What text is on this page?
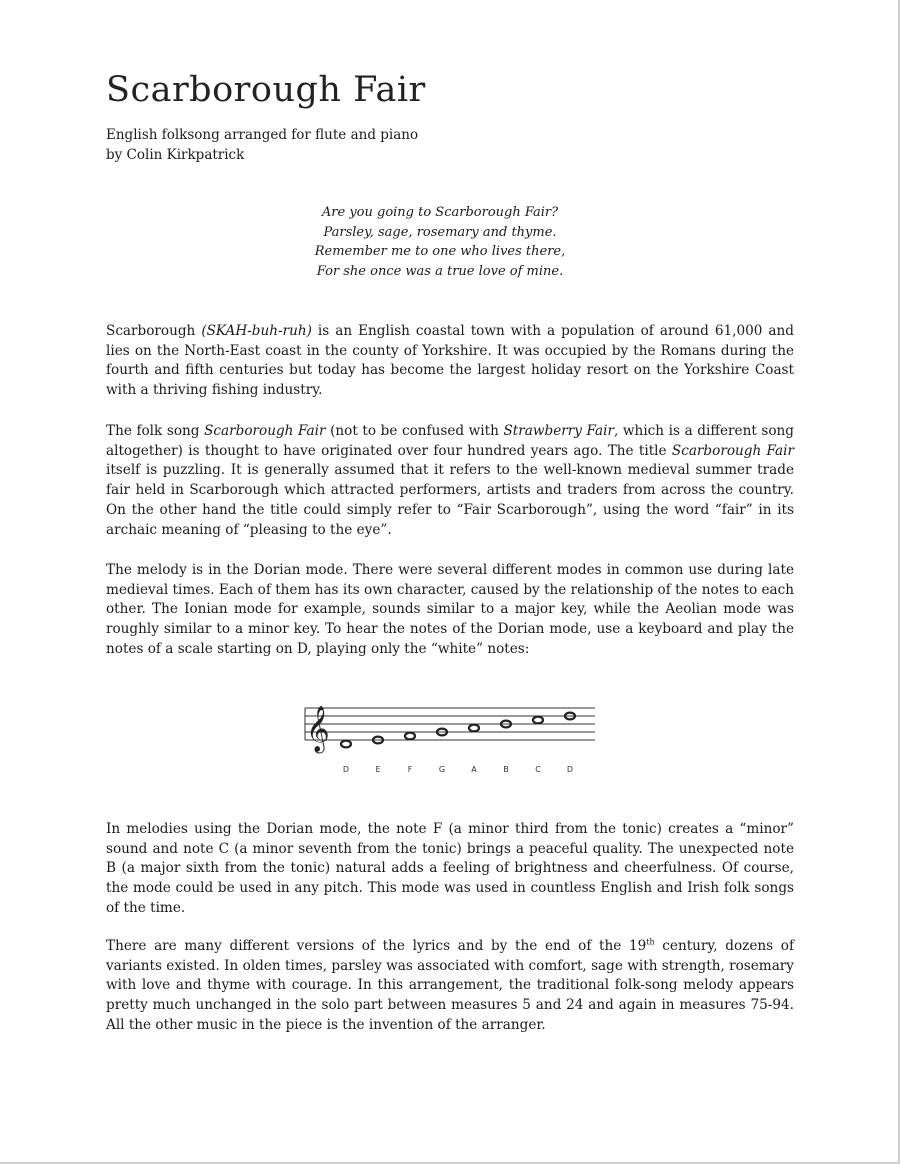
Scarborough Fair
English folksong arranged for flute and piano
by Colin Kirkpatrick
Are you going to Scarborough Fair?
Parsley, sage, rosemary and thyme.
Remember me to one who lives there,
For she once was a true love of mine.

Scarborough (SKAH-buh-ruh) is an English coastal town with a population of around 61,000 and lies on the North-East coast in the county of Yorkshire. It was occupied by the Romans during the fourth and fifth centuries but today has become the largest holiday resort on the Yorkshire Coast with a thriving fishing industry.

The folk song Scarborough Fair (not to be confused with Strawberry Fair, which is a different song altogether) is thought to have originated over four hundred years ago. The title Scarborough Fair itself is puzzling. It is generally assumed that it refers to the well-known medieval summer trade fair held in Scarborough which attracted performers, artists and traders from across the country. On the other hand the title could simply refer to “Fair Scarborough”, using the word “fair” in its archaic meaning of “pleasing to the eye”.

The melody is in the Dorian mode. There were several different modes in common use during late medieval times. Each of them has its own character, caused by the relationship of the notes to each other. The Ionian mode for example, sounds similar to a major key, while the Aeolian mode was roughly similar to a minor key. To hear the notes of the Dorian mode, use a keyboard and play the notes of a scale starting on D, playing only the “white” notes:

𝄞
D	E	F	G	A	B	C	D

In melodies using the Dorian mode, the note F (a minor third from the tonic) creates a “minor” sound and note C (a minor seventh from the tonic) brings a peaceful quality. The unexpected note B (a major sixth from the tonic) natural adds a feeling of brightness and cheerfulness. Of course, the mode could be used in any pitch. This mode was used in countless English and Irish folk songs of the time.

There are many different versions of the lyrics and by the end of the 19th century, dozens of variants existed. In olden times, parsley was associated with comfort, sage with strength, rosemary with love and thyme with courage. In this arrangement, the traditional folk-song melody appears pretty much unchanged in the solo part between measures 5 and 24 and again in measures 75-94. All the other music in the piece is the invention of the arranger.
